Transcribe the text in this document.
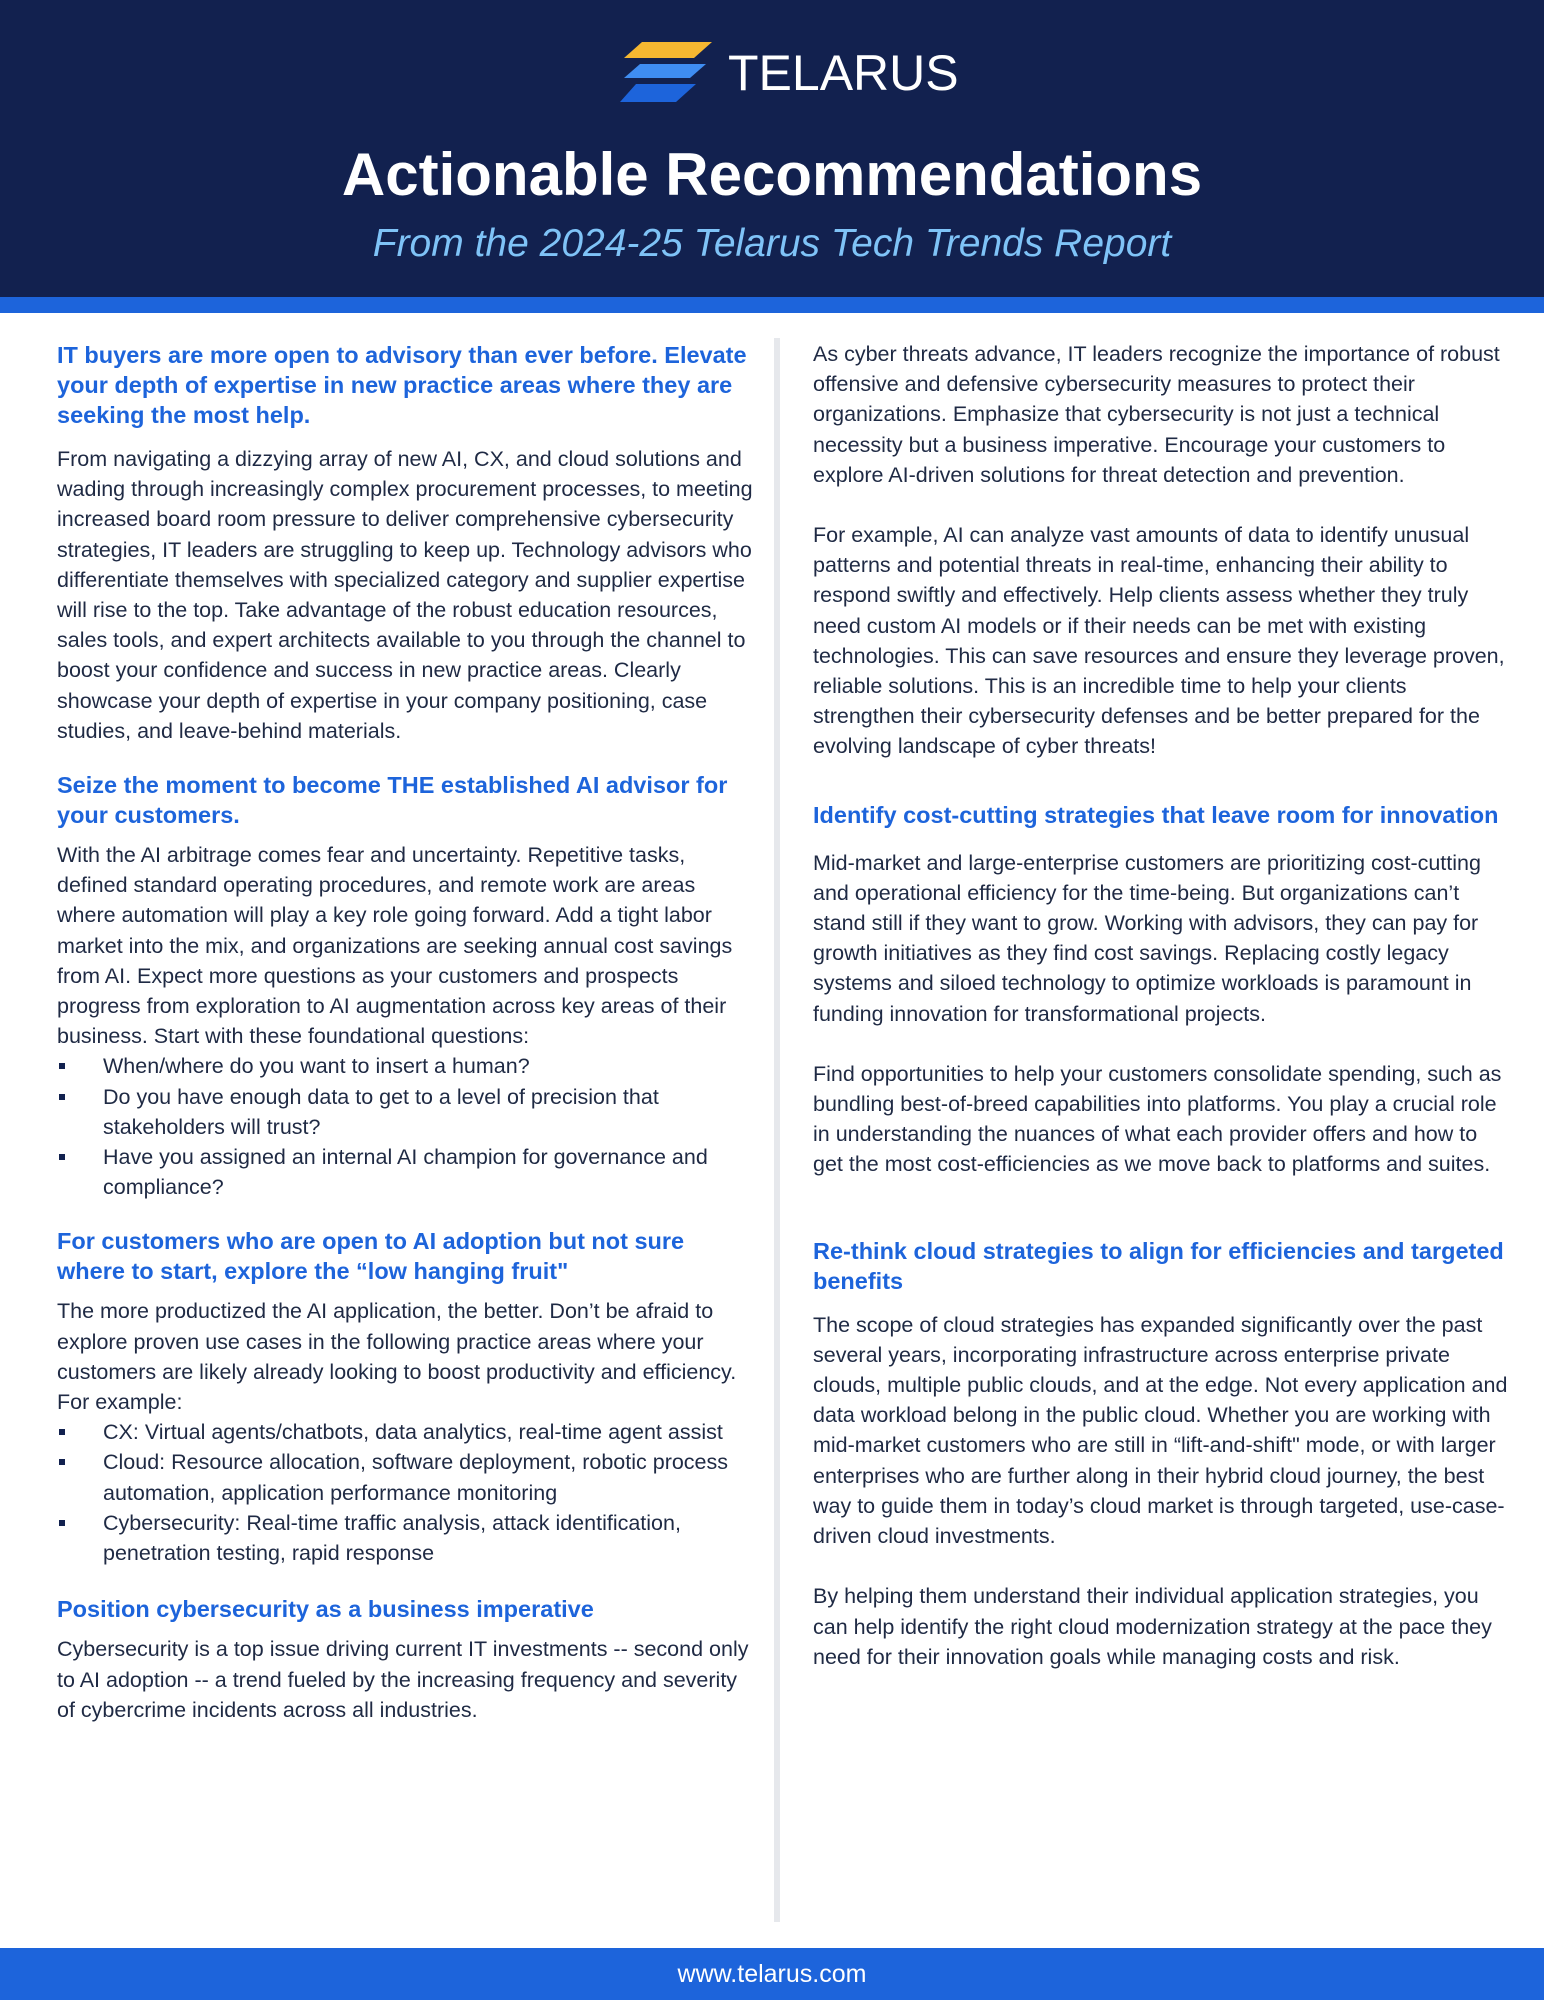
TELARUS
Actionable Recommendations
From the 2024-25 Telarus Tech Trends Report
IT buyers are more open to advisory than ever before. Elevate your depth of expertise in new practice areas where they are seeking the most help.
From navigating a dizzying array of new AI, CX, and cloud solutions and wading through increasingly complex procurement processes, to meeting increased board room pressure to deliver comprehensive cybersecurity strategies, IT leaders are struggling to keep up. Technology advisors who differentiate themselves with specialized category and supplier expertise will rise to the top. Take advantage of the robust education resources, sales tools, and expert architects available to you through the channel to boost your confidence and success in new practice areas. Clearly showcase your depth of expertise in your company positioning, case studies, and leave-behind materials.
Seize the moment to become THE established AI advisor for your customers.
With the AI arbitrage comes fear and uncertainty. Repetitive tasks, defined standard operating procedures, and remote work are areas where automation will play a key role going forward. Add a tight labor market into the mix, and organizations are seeking annual cost savings from AI. Expect more questions as your customers and prospects progress from exploration to AI augmentation across key areas of their business. Start with these foundational questions:
When/where do you want to insert a human?
Do you have enough data to get to a level of precision that stakeholders will trust?
Have you assigned an internal AI champion for governance and compliance?
For customers who are open to AI adoption but not sure where to start, explore the “low hanging fruit"
The more productized the AI application, the better. Don’t be afraid to explore proven use cases in the following practice areas where your customers are likely already looking to boost productivity and efficiency.
For example:
CX: Virtual agents/chatbots, data analytics, real-time agent assist
Cloud: Resource allocation, software deployment, robotic process automation, application performance monitoring
Cybersecurity: Real-time traffic analysis, attack identification, penetration testing, rapid response
Position cybersecurity as a business imperative
Cybersecurity is a top issue driving current IT investments -- second only to AI adoption -- a trend fueled by the increasing frequency and severity of cybercrime incidents across all industries.
As cyber threats advance, IT leaders recognize the importance of robust offensive and defensive cybersecurity measures to protect their organizations. Emphasize that cybersecurity is not just a technical necessity but a business imperative. Encourage your customers to explore AI-driven solutions for threat detection and prevention.
For example, AI can analyze vast amounts of data to identify unusual patterns and potential threats in real-time, enhancing their ability to respond swiftly and effectively. Help clients assess whether they truly need custom AI models or if their needs can be met with existing technologies. This can save resources and ensure they leverage proven, reliable solutions. This is an incredible time to help your clients strengthen their cybersecurity defenses and be better prepared for the evolving landscape of cyber threats!
Identify cost-cutting strategies that leave room for innovation
Mid-market and large-enterprise customers are prioritizing cost-cutting and operational efficiency for the time-being. But organizations can’t stand still if they want to grow. Working with advisors, they can pay for growth initiatives as they find cost savings. Replacing costly legacy systems and siloed technology to optimize workloads is paramount in funding innovation for transformational projects.
Find opportunities to help your customers consolidate spending, such as bundling best-of-breed capabilities into platforms. You play a crucial role in understanding the nuances of what each provider offers and how to get the most cost-efficiencies as we move back to platforms and suites.
Re-think cloud strategies to align for efficiencies and targeted benefits
The scope of cloud strategies has expanded significantly over the past several years, incorporating infrastructure across enterprise private clouds, multiple public clouds, and at the edge. Not every application and data workload belong in the public cloud. Whether you are working with mid-market customers who are still in “lift-and-shift" mode, or with larger enterprises who are further along in their hybrid cloud journey, the best way to guide them in today’s cloud market is through targeted, use-case-driven cloud investments.
By helping them understand their individual application strategies, you can help identify the right cloud modernization strategy at the pace they need for their innovation goals while managing costs and risk.
www.telarus.com
